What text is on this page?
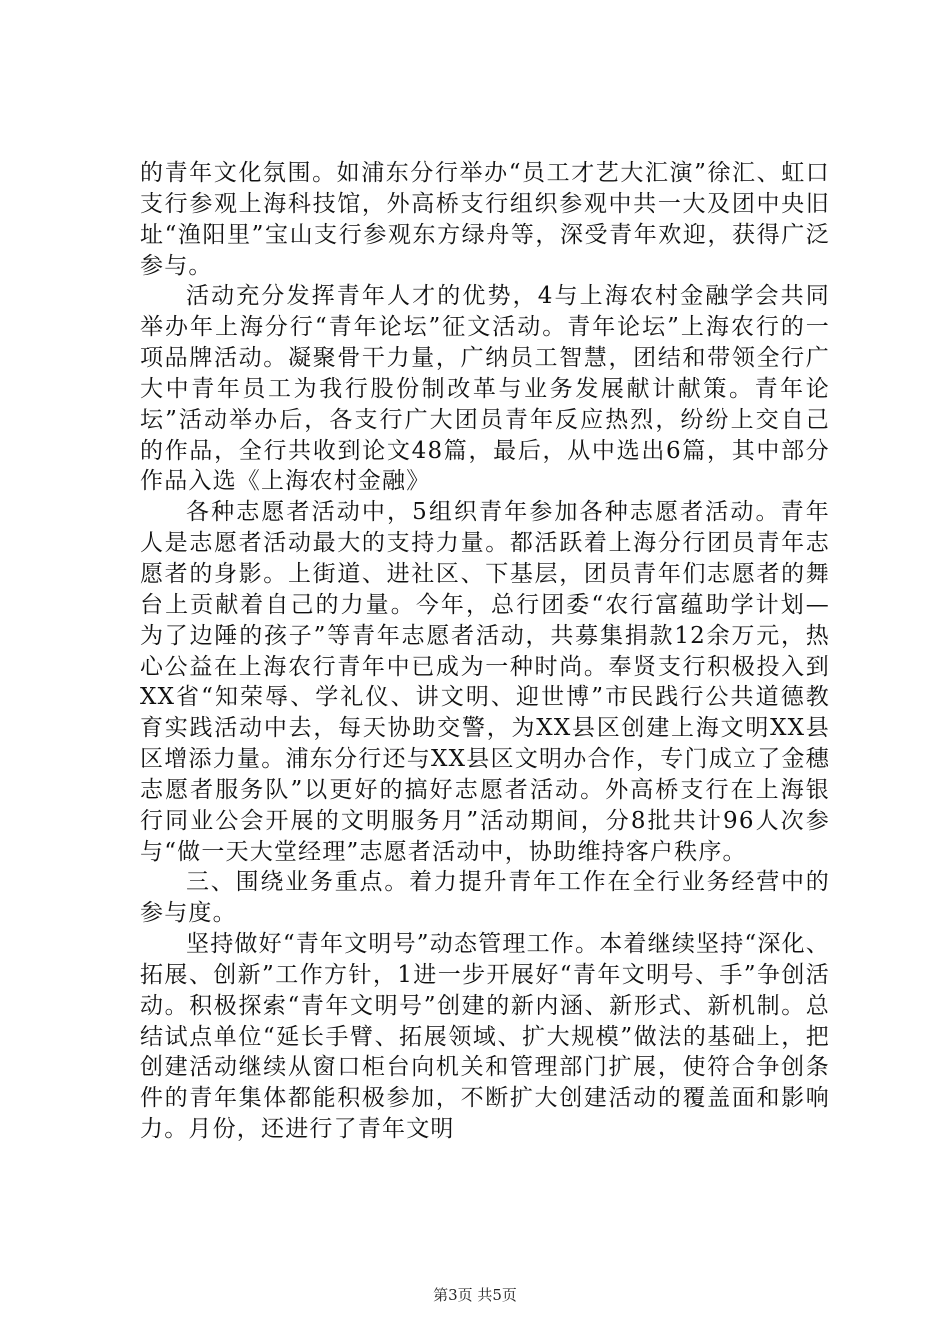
的青年文化氛围。如浦东分行举办“员工才艺大汇演”徐汇、虹口支行参观上海科技馆，外高桥支行组织参观中共一大及团中央旧址“渔阳里”宝山支行参观东方绿舟等，深受青年欢迎，获得广泛参与。

活动充分发挥青年人才的优势，4与上海农村金融学会共同举办年上海分行“青年论坛”征文活动。青年论坛”上海农行的一项品牌活动。凝聚骨干力量，广纳员工智慧，团结和带领全行广大中青年员工为我行股份制改革与业务发展献计献策。青年论坛”活动举办后，各支行广大团员青年反应热烈，纷纷上交自己的作品，全行共收到论文48篇，最后，从中选出6篇，其中部分作品入选《上海农村金融》

各种志愿者活动中，5组织青年参加各种志愿者活动。青年人是志愿者活动最大的支持力量。都活跃着上海分行团员青年志愿者的身影。上街道、进社区、下基层，团员青年们志愿者的舞台上贡献着自己的力量。今年，总行团委“农行富蕴助学计划—为了边陲的孩子”等青年志愿者活动，共募集捐款12余万元，热心公益在上海农行青年中已成为一种时尚。奉贤支行积极投入到XX省“知荣辱、学礼仪、讲文明、迎世博”市民践行公共道德教育实践活动中去，每天协助交警，为XX县区创建上海文明XX县区增添力量。浦东分行还与XX县区文明办合作，专门成立了金穗志愿者服务队”以更好的搞好志愿者活动。外高桥支行在上海银行同业公会开展的文明服务月”活动期间，分8批共计96人次参与“做一天大堂经理”志愿者活动中，协助维持客户秩序。

三、围绕业务重点。着力提升青年工作在全行业务经营中的参与度。

坚持做好“青年文明号”动态管理工作。本着继续坚持“深化、拓展、创新”工作方针，1进一步开展好“青年文明号、手”争创活动。积极探索“青年文明号”创建的新内涵、新形式、新机制。总结试点单位“延长手臂、拓展领域、扩大规模”做法的基础上，把创建活动继续从窗口柜台向机关和管理部门扩展，使符合争创条件的青年集体都能积极参加，不断扩大创建活动的覆盖面和影响力。月份，还进行了青年文明

第3页 共5页
